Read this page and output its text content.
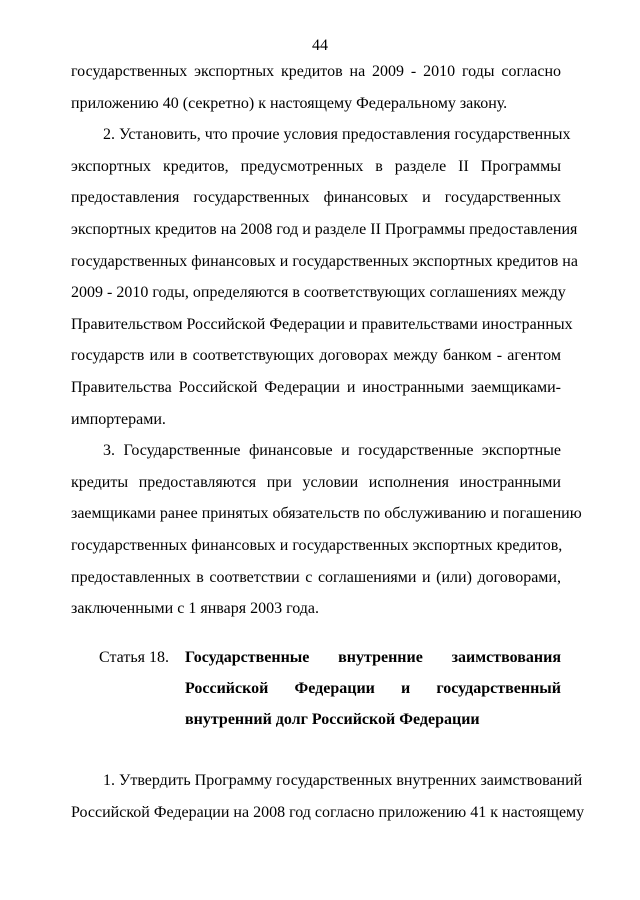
44
государственных экспортных кредитов на 2009 - 2010 годы согласно
приложению 40 (секретно) к настоящему Федеральному закону.
2. Установить, что прочие условия предоставления государственных
экспортных кредитов, предусмотренных в разделе II Программы
предоставления государственных финансовых и государственных
экспортных кредитов на 2008 год и разделе II Программы предоставления
государственных финансовых и государственных экспортных кредитов на
2009 - 2010 годы, определяются в соответствующих соглашениях между
Правительством Российской Федерации и правительствами иностранных
государств или в соответствующих договорах между банком - агентом
Правительства Российской Федерации и иностранными заемщиками-
импортерами.
3. Государственные финансовые и государственные экспортные
кредиты предоставляются при условии исполнения иностранными
заемщиками ранее принятых обязательств по обслуживанию и погашению
государственных финансовых и государственных экспортных кредитов,
предоставленных в соответствии с соглашениями и (или) договорами,
заключенными с 1 января 2003 года.
Статья 18.	Государственные внутренние заимствования
Российской Федерации и государственный
внутренний долг Российской Федерации
1. Утвердить Программу государственных внутренних заимствований
Российской Федерации на 2008 год согласно приложению 41 к настоящему
